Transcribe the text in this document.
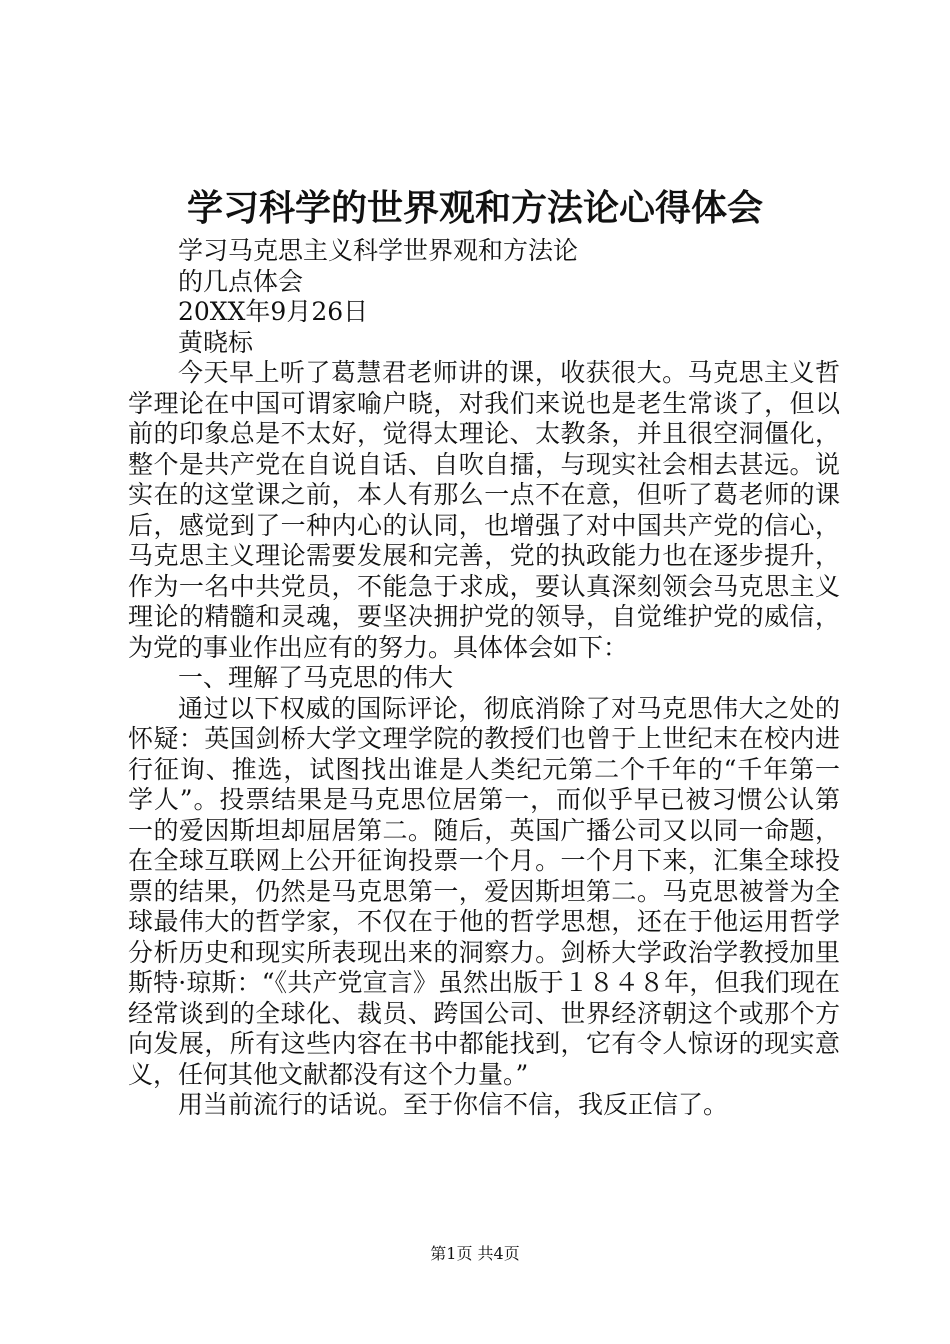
学习科学的世界观和方法论心得体会

学习马克思主义科学世界观和方法论

的几点体会

20XX年9月26日

黄晓标

今天早上听了葛慧君老师讲的课，收获很大。马克思主义哲学理论在中国可谓家喻户晓，对我们来说也是老生常谈了，但以前的印象总是不太好，觉得太理论、太教条，并且很空洞僵化，整个是共产党在自说自话、自吹自擂，与现实社会相去甚远。说实在的这堂课之前，本人有那么一点不在意，但听了葛老师的课后，感觉到了一种内心的认同，也增强了对中国共产党的信心，马克思主义理论需要发展和完善，党的执政能力也在逐步提升，作为一名中共党员，不能急于求成，要认真深刻领会马克思主义理论的精髓和灵魂，要坚决拥护党的领导，自觉维护党的威信，为党的事业作出应有的努力。具体体会如下：

一、理解了马克思的伟大

通过以下权威的国际评论，彻底消除了对马克思伟大之处的怀疑：英国剑桥大学文理学院的教授们也曾于上世纪末在校内进行征询、推选，试图找出谁是人类纪元第二个千年的“千年第一学人”。投票结果是马克思位居第一，而似乎早已被习惯公认第一的爱因斯坦却屈居第二。随后，英国广播公司又以同一命题，在全球互联网上公开征询投票一个月。一个月下来，汇集全球投票的结果，仍然是马克思第一，爱因斯坦第二。马克思被誉为全球最伟大的哲学家，不仅在于他的哲学思想，还在于他运用哲学分析历史和现实所表现出来的洞察力。剑桥大学政治学教授加里斯特·琼斯：“《共产党宣言》虽然出版于１８４８年，但我们现在经常谈到的全球化、裁员、跨国公司、世界经济朝这个或那个方向发展，所有这些内容在书中都能找到，它有令人惊讶的现实意义，任何其他文献都没有这个力量。”

用当前流行的话说。至于你信不信，我反正信了。

第1页 共4页
